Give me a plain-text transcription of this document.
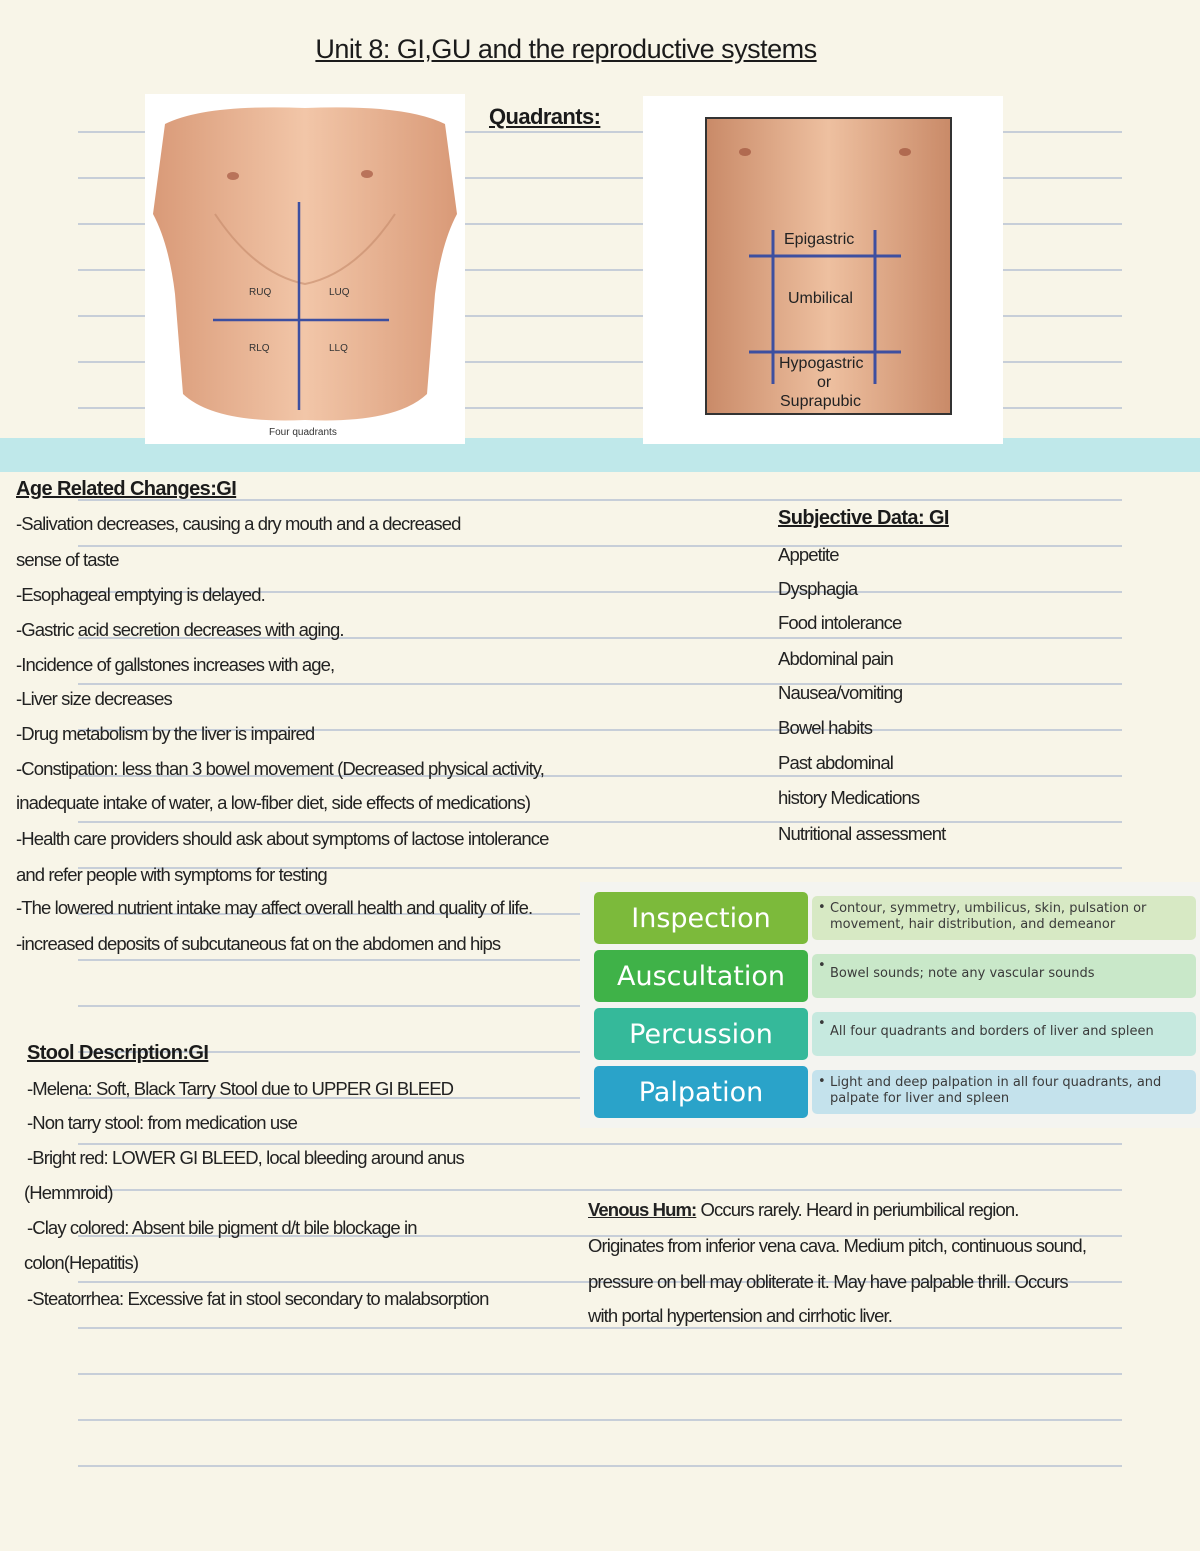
Unit 8: GI,GU and the reproductive systems
RUQ	LUQ
RLQ	LLQ
Four quadrants
Quadrants:
Epigastric
Umbilical
Hypogastric
or
Suprapubic
Age Related Changes:GI
-Salivation decreases, causing a dry mouth and a decreased
sense of taste
-Esophageal emptying is delayed.
-Gastric acid secretion decreases with aging.
-Incidence of gallstones increases with age,
-Liver size decreases
-Drug metabolism by the liver is impaired
-Constipation: less than 3 bowel movement (Decreased physical activity,
inadequate intake of water, a low-fiber diet, side effects of medications)
-Health care providers should ask about symptoms of lactose intolerance
and refer people with symptoms for testing
-The lowered nutrient intake may affect overall health and quality of life.
-increased deposits of subcutaneous fat on the abdomen and hips
Subjective Data: GI
Appetite
Dysphagia
Food intolerance
Abdominal pain
Nausea/vomiting
Bowel habits
Past abdominal
history Medications
Nutritional assessment
Inspection	• Contour, symmetry, umbilicus, skin, pulsation or movement, hair distribution, and demeanor
Auscultation	• Bowel sounds; note any vascular sounds
Percussion	• All four quadrants and borders of liver and spleen
Palpation	• Light and deep palpation in all four quadrants, and palpate for liver and spleen
Stool Description:GI
-Melena: Soft, Black Tarry Stool due to UPPER GI BLEED
-Non tarry stool: from medication use
-Bright red: LOWER GI BLEED, local bleeding around anus
(Hemmroid)
-Clay colored: Absent bile pigment d/t bile blockage in
colon(Hepatitis)
-Steatorrhea: Excessive fat in stool secondary to malabsorption
Venous Hum: Occurs rarely. Heard in periumbilical region.
Originates from inferior vena cava. Medium pitch, continuous sound,
pressure on bell may obliterate it. May have palpable thrill. Occurs
with portal hypertension and cirrhotic liver.
